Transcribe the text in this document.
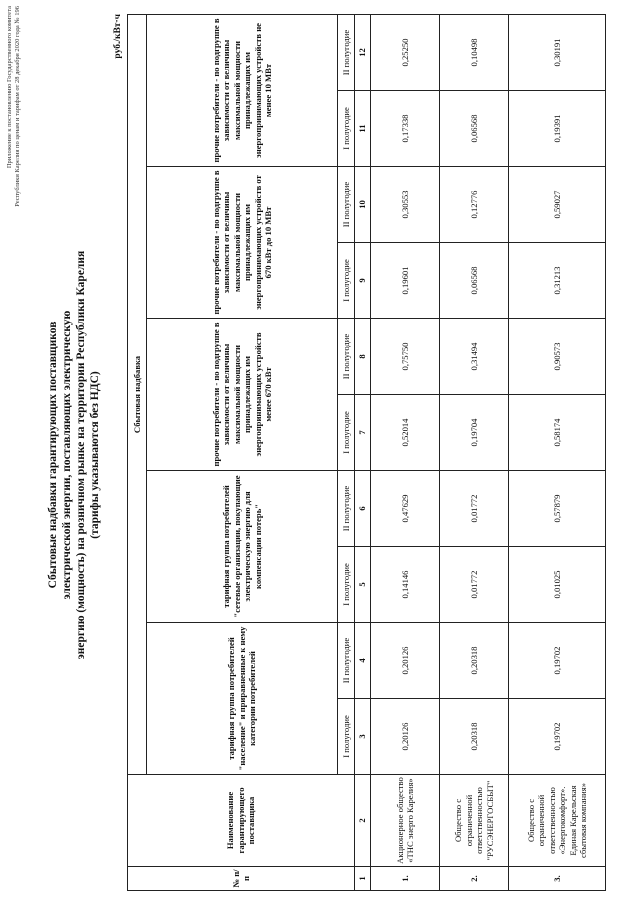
Приложение к постановлению Государственного комитета Республики Карелия по ценам и тарифам от 28 декабря 2020 года № 196
Сбытовые надбавки гарантирующих поставщиков электрической энергии, поставляющих электрическую энергию (мощность) на розничном рынке на территории Республики Карелия (тарифы указываются без НДС)
руб./кВт·ч
№ п/п	Наименование гарантирующего поставщика	Сбытовая надбавка									
		тарифная группа потребителей "население" и приравненные к нему категории потребителей		тарифная группа потребителей "сетевые организации, покупающие электрическую энергию для компенсации потерь"		прочие потребители - по подгруппе в зависимости от величины максимальной мощности принадлежащих им энергопринимающих устройств менее 670 кВт		прочие потребители - по подгруппе в зависимости от величины максимальной мощности принадлежащих им энергопринимающих устройств от 670 кВт до 10 МВт		прочие потребители - по подгруппе в зависимости от величины максимальной мощности принадлежащих им энергопринимающих устройств не менее 10 МВт	
		I полугодие	II полугодие	I полугодие	II полугодие	I полугодие	II полугодие	I полугодие	II полугодие	I полугодие	II полугодие
1	2	3	4	5	6	7	8	9	10	11	12
1.	Акционерное общество «ТНС энерго Карелия»	0,20126	0,20126	0,14146	0,47629	0,52014	0,75750	0,19601	0,30553	0,17338	0,25250
2.	Общество с ограниченной ответственностью "РУСЭНЕРГОСБЫТ"	0,20318	0,20318	0,01772	0,01772	0,19704	0,31494	0,06568	0,12776	0,06568	0,10498
3.	Общество с ограниченной ответственностью «Энергокомфорт». Единая Карельская сбытовая компания»	0,19702	0,19702	0,01025	0,57879	0,58174	0,90573	0,31213	0,59027	0,19391	0,30191
